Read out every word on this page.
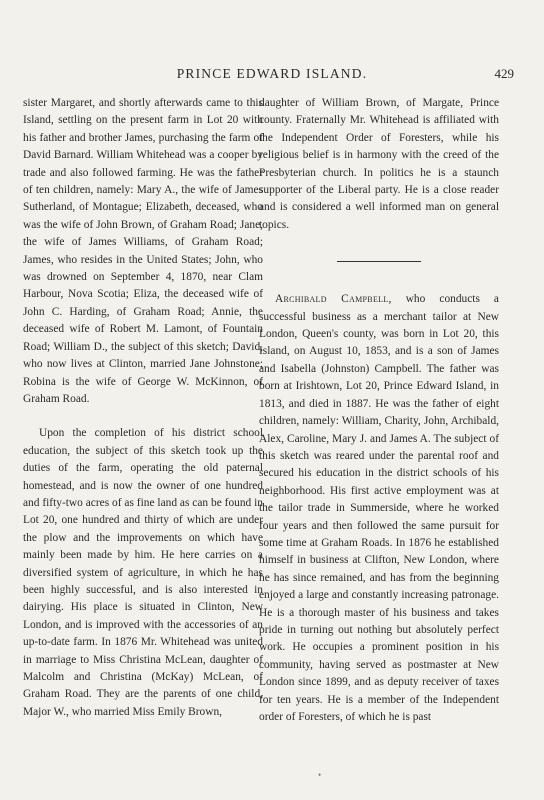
PRINCE EDWARD ISLAND.	429

sister Margaret, and shortly afterwards came to this Island, settling on the present farm in Lot 20 with his father and brother James, purchasing the farm of David Barnard. William Whitehead was a cooper by trade and also followed farming. He was the father of ten children, namely: Mary A., the wife of James Sutherland, of Montague; Elizabeth, deceased, who was the wife of John Brown, of Graham Road; Jane, the wife of James Williams, of Graham Road; James, who resides in the United States; John, who was drowned on September 4, 1870, near Clam Harbour, Nova Scotia; Eliza, the deceased wife of John C. Harding, of Graham Road; Annie, the deceased wife of Robert M. Lamont, of Fountain Road; William D., the subject of this sketch; David, who now lives at Clinton, married Jane Johnstone; Robina is the wife of George W. McKinnon, of Graham Road.

Upon the completion of his district school education, the subject of this sketch took up the duties of the farm, operating the old paternal homestead, and is now the owner of one hundred and fifty-two acres of as fine land as can be found in Lot 20, one hundred and thirty of which are under the plow and the improvements on which have mainly been made by him. He here carries on a diversified system of agriculture, in which he has been highly successful, and is also interested in dairying. His place is situated in Clinton, New London, and is improved with the accessories of an up-to-date farm. In 1876 Mr. Whitehead was united in marriage to Miss Christina McLean, daughter of Malcolm and Christina (McKay) McLean, of Graham Road. They are the parents of one child, Major W., who married Miss Emily Brown,

daughter of William Brown, of Margate, Prince county. Fraternally Mr. Whitehead is affiliated with the Independent Order of Foresters, while his religious belief is in harmony with the creed of the Presbyterian church. In politics he is a staunch supporter of the Liberal party. He is a close reader and is considered a well informed man on general topics.

Archibald Campbell, who conducts a successful business as a merchant tailor at New London, Queen's county, was born in Lot 20, this Island, on August 10, 1853, and is a son of James and Isabella (Johnston) Campbell. The father was born at Irishtown, Lot 20, Prince Edward Island, in 1813, and died in 1887. He was the father of eight children, namely: William, Charity, John, Archibald, Alex, Caroline, Mary J. and James A. The subject of this sketch was reared under the parental roof and secured his education in the district schools of his neighborhood. His first active employment was at the tailor trade in Summerside, where he worked four years and then followed the same pursuit for some time at Graham Roads. In 1876 he established himself in business at Clifton, New London, where he has since remained, and has from the beginning enjoyed a large and constantly increasing patronage. He is a thorough master of his business and takes pride in turning out nothing but absolutely perfect work. He occupies a prominent position in his community, having served as postmaster at New London since 1899, and as deputy receiver of taxes for ten years. He is a member of the Independent order of Foresters, of which he is past

•
